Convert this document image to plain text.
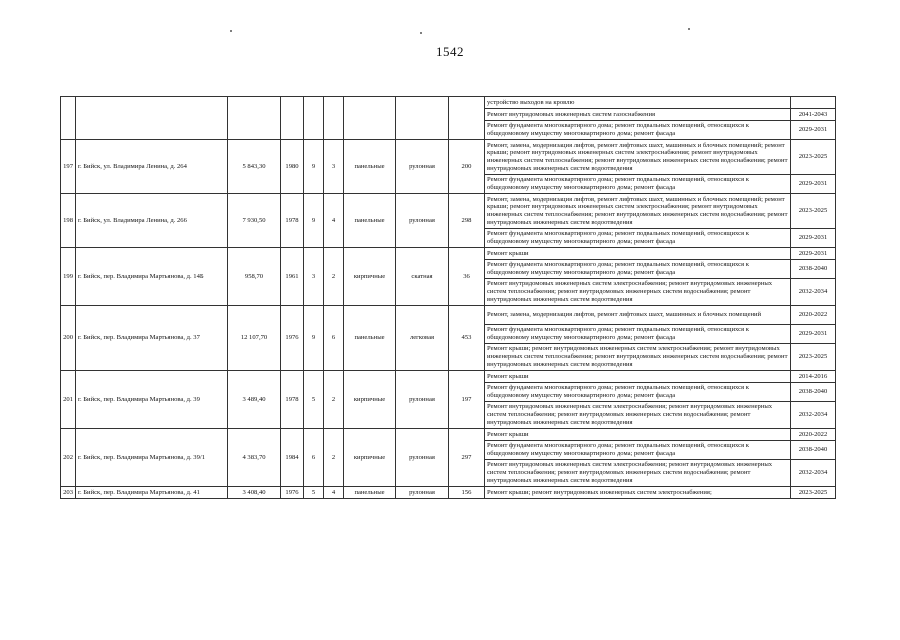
1542
									устройство выходов на кровлю	
									Ремонт внутридомовых инженерных систем газоснабжения	2041-2043
									Ремонт фундамента многоквартирного дома; ремонт подвальных помещений, относящихся к общедомовому имуществу многоквартирного дома; ремонт фасада	2029-2031
197	г. Бийск, ул. Владимира Ленина, д. 264	5 843,30	1980	9	3	панельные	рулонная	200	Ремонт, замена, модернизация лифтов, ремонт лифтовых шахт, машинных и блочных помещений; ремонт крыши; ремонт внутридомовых инженерных систем электроснабжения; ремонт внутридомовых инженерных систем теплоснабжения; ремонт внутридомовых инженерных систем водоснабжения; ремонт внутридомовых инженерных систем водоотведения	2023-2025
									Ремонт фундамента многоквартирного дома; ремонт подвальных помещений, относящихся к общедомовому имуществу многоквартирного дома; ремонт фасада	2029-2031
198	г. Бийск, ул. Владимира Ленина, д. 266	7 930,50	1978	9	4	панельные	рулонная	298	Ремонт, замена, модернизация лифтов, ремонт лифтовых шахт, машинных и блочных помещений; ремонт крыши; ремонт внутридомовых инженерных систем электроснабжения; ремонт внутридомовых инженерных систем теплоснабжения; ремонт внутридомовых инженерных систем водоснабжения; ремонт внутридомовых инженерных систем водоотведения	2023-2025
									Ремонт фундамента многоквартирного дома; ремонт подвальных помещений, относящихся к общедомовому имуществу многоквартирного дома; ремонт фасада	2029-2031
199	г. Бийск, пер. Владимира Мартьянова, д. 14Б	958,70	1961	3	2	кирпичные	скатная	36	Ремонт крыши	2029-2031
									Ремонт фундамента многоквартирного дома; ремонт подвальных помещений, относящихся к общедомовому имуществу многоквартирного дома; ремонт фасада	2038-2040
									Ремонт внутридомовых инженерных систем электроснабжения; ремонт внутридомовых инженерных систем теплоснабжения; ремонт внутридомовых инженерных систем водоснабжения; ремонт внутридомовых инженерных систем водоотведения	2032-2034
200	г. Бийск, пер. Владимира Мартьянова, д. 37	12 107,70	1976	9	6	панельные	легковая	453	Ремонт, замена, модернизация лифтов, ремонт лифтовых шахт, машинных и блочных помещений	2020-2022
									Ремонт фундамента многоквартирного дома; ремонт подвальных помещений, относящихся к общедомовому имуществу многоквартирного дома; ремонт фасада	2029-2031
									Ремонт крыши; ремонт внутридомовых инженерных систем электроснабжения; ремонт внутридомовых инженерных систем теплоснабжения; ремонт внутридомовых инженерных систем водоснабжения; ремонт внутридомовых инженерных систем водоотведения	2023-2025
201	г. Бийск, пер. Владимира Мартьянова, д. 39	3 489,40	1978	5	2	кирпичные	рулонная	197	Ремонт крыши	2014-2016
									Ремонт фундамента многоквартирного дома; ремонт подвальных помещений, относящихся к общедомовому имуществу многоквартирного дома; ремонт фасада	2038-2040
									Ремонт внутридомовых инженерных систем электроснабжения; ремонт внутридомовых инженерных систем теплоснабжения; ремонт внутридомовых инженерных систем водоснабжения; ремонт внутридомовых инженерных систем водоотведения	2032-2034
202	г. Бийск, пер. Владимира Мартьянова, д. 39/1	4 383,70	1984	6	2	кирпичные	рулонная	297	Ремонт крыши	2020-2022
									Ремонт фундамента многоквартирного дома; ремонт подвальных помещений, относящихся к общедомовому имуществу многоквартирного дома; ремонт фасада	2038-2040
									Ремонт внутридомовых инженерных систем электроснабжения; ремонт внутридомовых инженерных систем теплоснабжения; ремонт внутридомовых инженерных систем водоснабжения; ремонт внутридомовых инженерных систем водоотведения	2032-2034
203	г. Бийск, пер. Владимира Мартьянова, д. 41	3 408,40	1976	5	4	панельные	рулонная	156	Ремонт крыши; ремонт внутридомовых инженерных систем электроснабжения;	2023-2025
